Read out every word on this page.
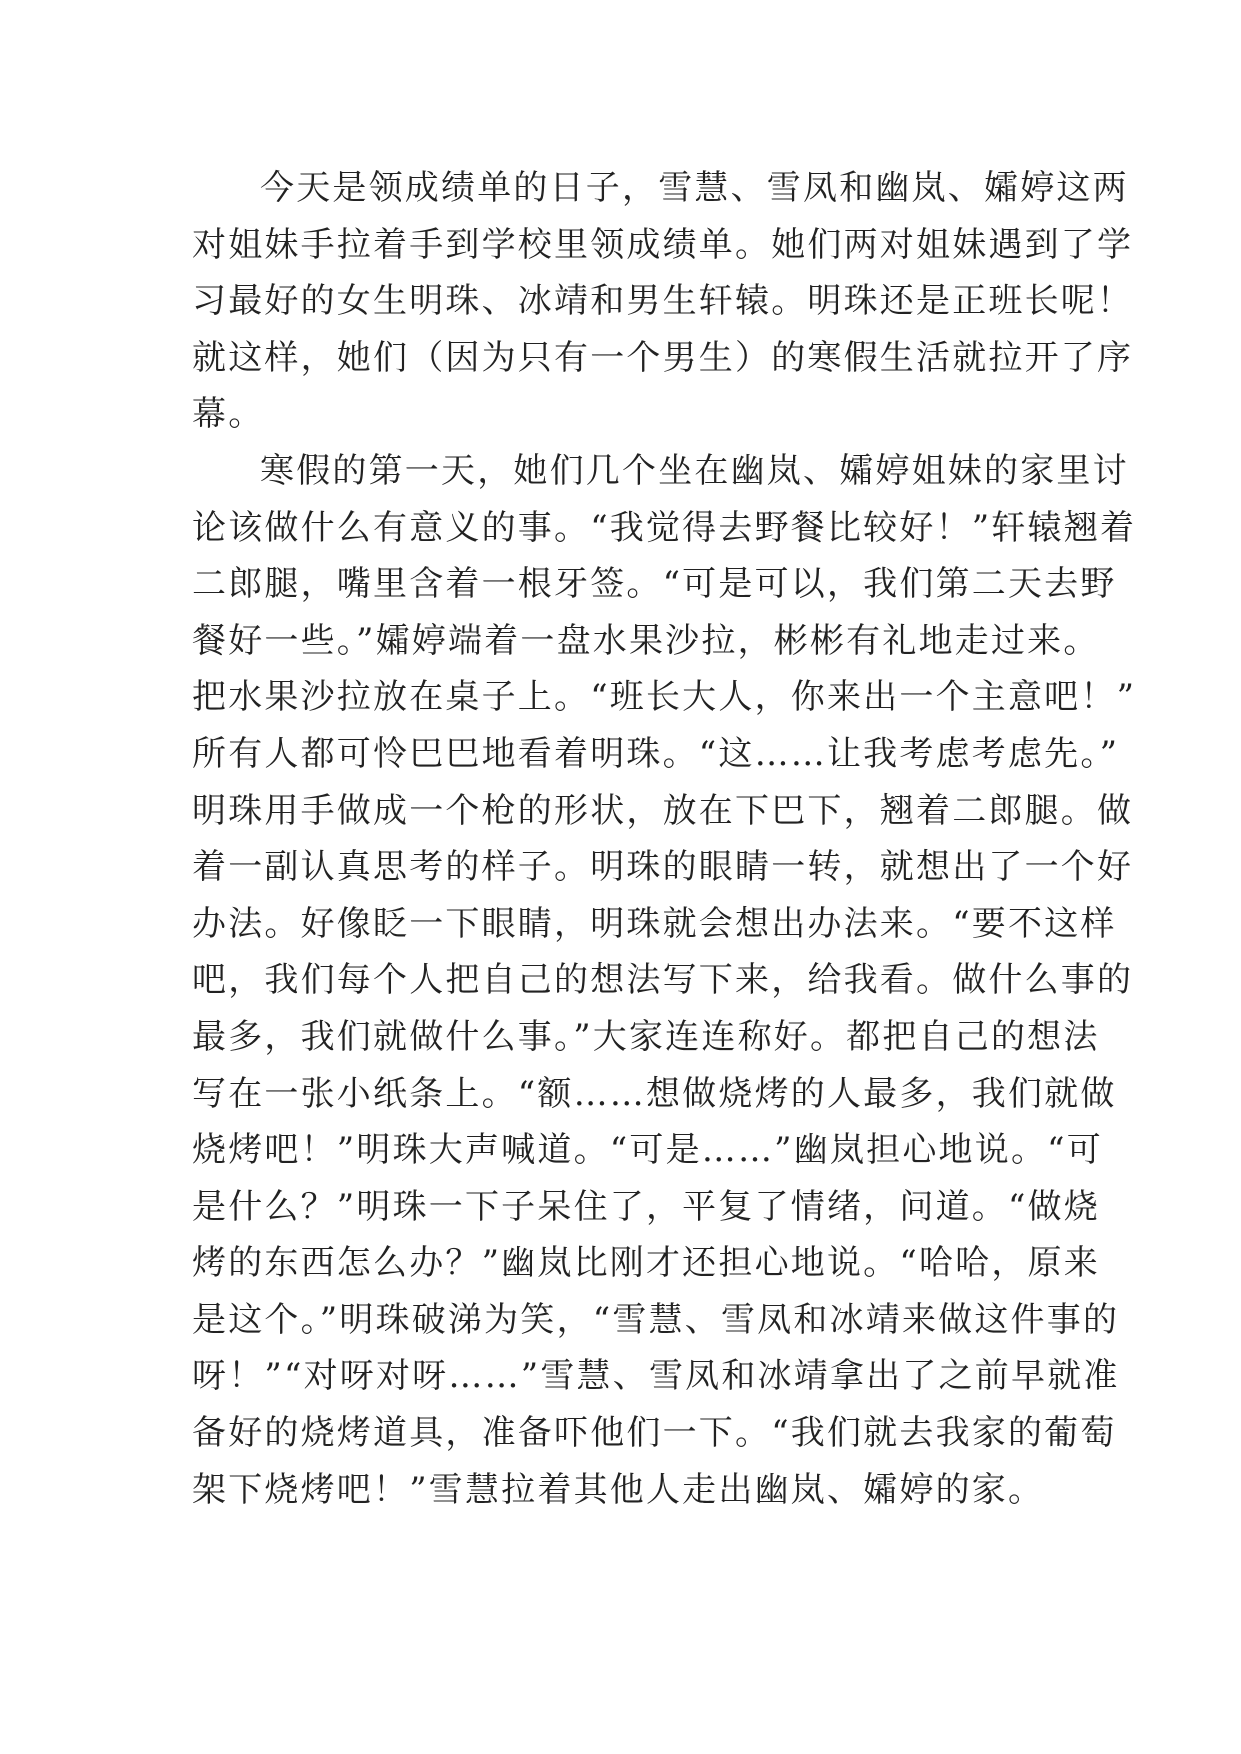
今天是领成绩单的日子，雪慧、雪凤和幽岚、孀婷这两
对姐妹手拉着手到学校里领成绩单。她们两对姐妹遇到了学
习最好的女生明珠、冰靖和男生轩辕。明珠还是正班长呢！
就这样，她们（因为只有一个男生）的寒假生活就拉开了序
幕。

寒假的第一天，她们几个坐在幽岚、孀婷姐妹的家里讨
论该做什么有意义的事。“我觉得去野餐比较好！”轩辕翘着
二郎腿，嘴里含着一根牙签。“可是可以，我们第二天去野
餐好一些。”孀婷端着一盘水果沙拉，彬彬有礼地走过来。
把水果沙拉放在桌子上。“班长大人，你来出一个主意吧！”
所有人都可怜巴巴地看着明珠。“这……让我考虑考虑先。”
明珠用手做成一个枪的形状，放在下巴下，翘着二郎腿。做
着一副认真思考的样子。明珠的眼睛一转，就想出了一个好
办法。好像眨一下眼睛，明珠就会想出办法来。“要不这样
吧，我们每个人把自己的想法写下来，给我看。做什么事的
最多，我们就做什么事。”大家连连称好。都把自己的想法
写在一张小纸条上。“额……想做烧烤的人最多，我们就做
烧烤吧！”明珠大声喊道。“可是……”幽岚担心地说。“可
是什么？”明珠一下子呆住了，平复了情绪，问道。“做烧
烤的东西怎么办？”幽岚比刚才还担心地说。“哈哈，原来
是这个。”明珠破涕为笑，“雪慧、雪凤和冰靖来做这件事的
呀！”“对呀对呀……”雪慧、雪凤和冰靖拿出了之前早就准
备好的烧烤道具，准备吓他们一下。“我们就去我家的葡萄
架下烧烤吧！”雪慧拉着其他人走出幽岚、孀婷的家。
